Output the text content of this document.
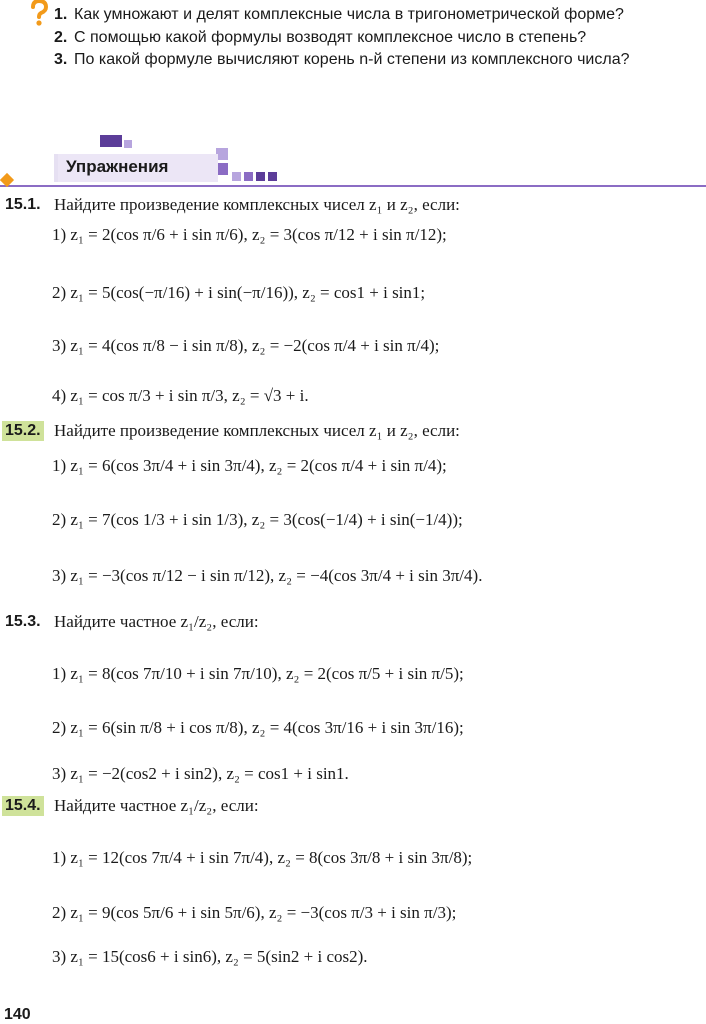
1. Как умножают и делят комплексные числа в тригонометрической форме?
2. С помощью какой формулы возводят комплексное число в степень?
3. По какой формуле вычисляют корень n-й степени из комплексного числа?
Упражнения
15.1. Найдите произведение комплексных чисел z₁ и z₂, если:
1) z₁ = 2(cos π/6 + i sin π/6), z₂ = 3(cos π/12 + i sin π/12);
2) z₁ = 5(cos(−π/16) + i sin(−π/16)), z₂ = cos1 + i sin1;
3) z₁ = 4(cos π/8 − i sin π/8), z₂ = −2(cos π/4 + i sin π/4);
4) z₁ = cos π/3 + i sin π/3, z₂ = √3 + i.
15.2. Найдите произведение комплексных чисел z₁ и z₂, если:
1) z₁ = 6(cos 3π/4 + i sin 3π/4), z₂ = 2(cos π/4 + i sin π/4);
2) z₁ = 7(cos 1/3 + i sin 1/3), z₂ = 3(cos(−1/4) + i sin(−1/4));
3) z₁ = −3(cos π/12 − i sin π/12), z₂ = −4(cos 3π/4 + i sin 3π/4).
15.3. Найдите частное z₁/z₂, если:
1) z₁ = 8(cos 7π/10 + i sin 7π/10), z₂ = 2(cos π/5 + i sin π/5);
2) z₁ = 6(sin π/8 + i cos π/8), z₂ = 4(cos 3π/16 + i sin 3π/16);
3) z₁ = −2(cos2 + i sin2), z₂ = cos1 + i sin1.
15.4. Найдите частное z₁/z₂, если:
1) z₁ = 12(cos 7π/4 + i sin 7π/4), z₂ = 8(cos 3π/8 + i sin 3π/8);
2) z₁ = 9(cos 5π/6 + i sin 5π/6), z₂ = −3(cos π/3 + i sin π/3);
3) z₁ = 15(cos6 + i sin6), z₂ = 5(sin2 + i cos2).
140
